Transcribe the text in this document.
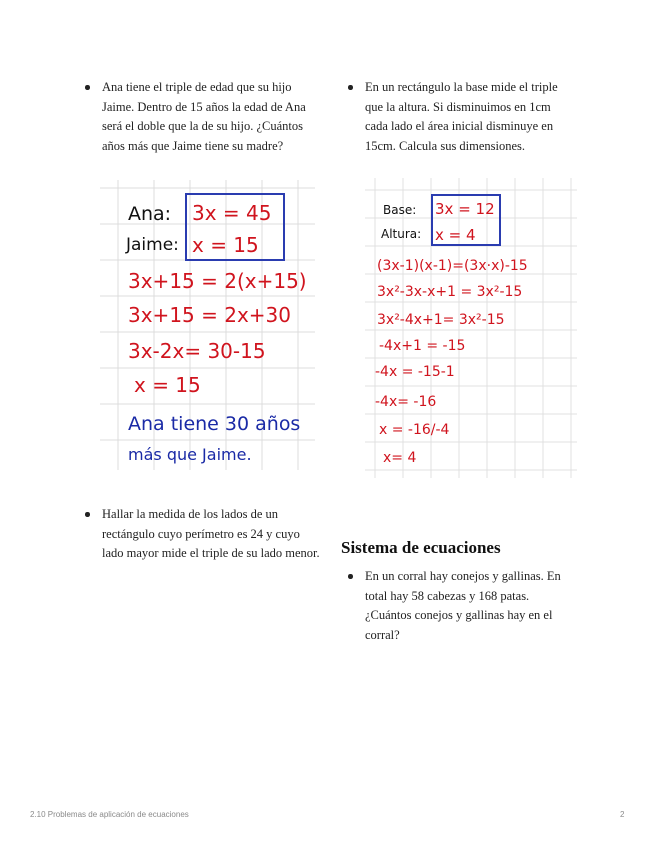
Ana tiene el triple de edad que su hijo Jaime. Dentro de 15 años la edad de Ana será el doble que la de su hijo. ¿Cuántos años más que Jaime tiene su madre?
En un rectángulo la base mide el triple que la altura. Si disminuimos en 1cm cada lado el área inicial disminuye en 15cm. Calcula sus dimensiones.
Ana:
Jaime:
3x = 45
x = 15
3x+15 = 2(x+15)
3x+15 = 2x+30
3x-2x= 30-15
x = 15
Ana tiene 30 años
más que Jaime.
Base:
Altura:
3x = 12
x = 4
(3x-1)(x-1)=(3x·x)-15
3x²-3x-x+1 = 3x²-15
3x²-4x+1= 3x²-15
-4x+1 = -15
-4x = -15-1
-4x= -16
x = -16/-4
x= 4
Hallar la medida de los lados de un rectángulo cuyo perímetro es 24 y cuyo lado mayor mide el triple de su lado menor. Sistema de ecuaciones
En un corral hay conejos y gallinas. En total hay 58 cabezas y 168 patas. ¿Cuántos conejos y gallinas hay en el corral?
2.10 Problemas de aplicación de ecuaciones	2
